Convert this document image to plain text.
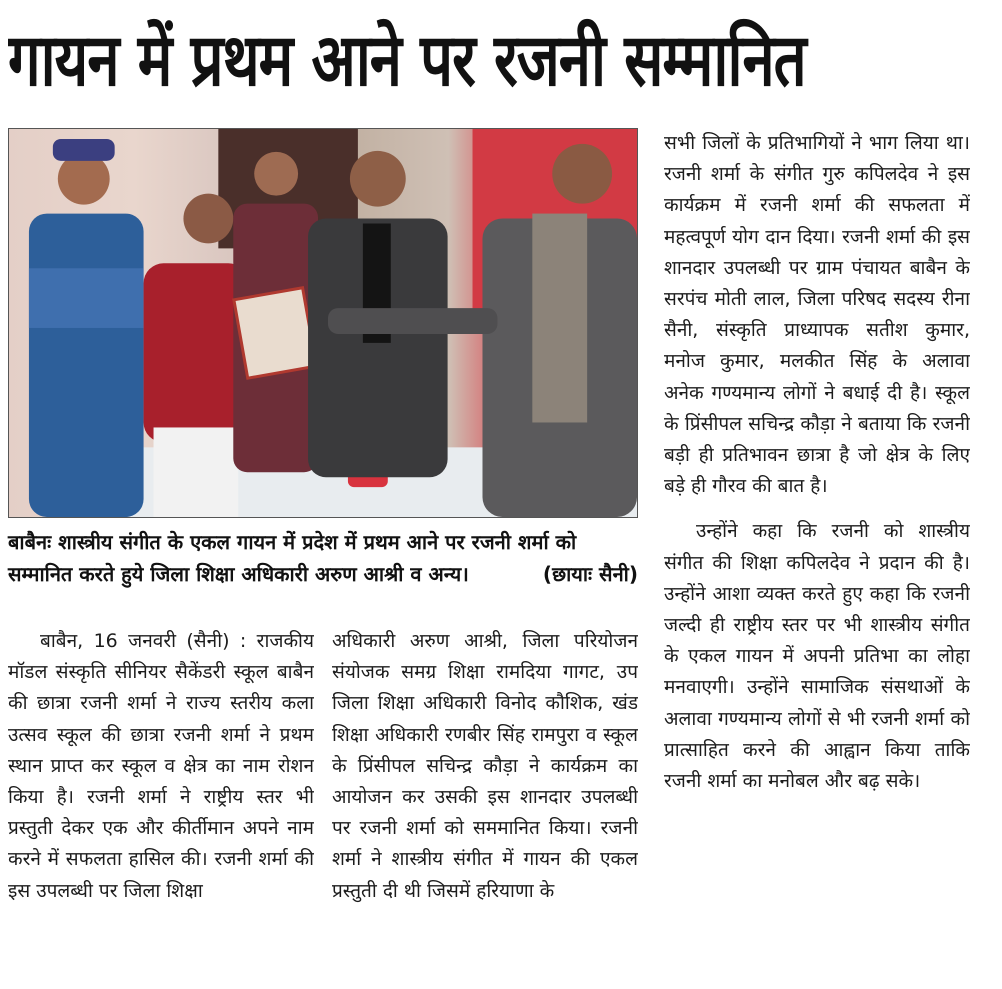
गायन में प्रथम आने पर रजनी सम्मानित
बाबैनः शास्त्रीय संगीत के एकल गायन में प्रदेश में प्रथम आने पर रजनी शर्मा को सम्मानित करते हुये जिला शिक्षा अधिकारी अरुण आश्री व अन्य।	(छायाः सैनी)

बाबैन, 16 जनवरी (सैनी) : राजकीय मॉडल संस्कृति सीनियर सैकेंडरी स्कूल बाबैन की छात्रा रजनी शर्मा ने राज्य स्तरीय कला उत्सव स्कूल की छात्रा रजनी शर्मा ने प्रथम स्थान प्राप्त कर स्कूल व क्षेत्र का नाम रोशन किया है। रजनी शर्मा ने राष्ट्रीय स्तर भी प्रस्तुती देकर एक और कीर्तीमान अपने नाम करने में सफलता हासिल की। रजनी शर्मा की इस उपलब्धी पर जिला शिक्षा

अधिकारी अरुण आश्री, जिला परियोजन संयोजक समग्र शिक्षा रामदिया गागट, उप जिला शिक्षा अधिकारी विनोद कौशिक, खंड शिक्षा अधिकारी रणबीर सिंह रामपुरा व स्कूल के प्रिंसीपल सचिन्द्र कौड़ा ने कार्यक्रम का आयोजन कर उसकी इस शानदार उपलब्धी पर रजनी शर्मा को सममानित किया। रजनी शर्मा ने शास्त्रीय संगीत में गायन की एकल प्रस्तुती दी थी जिसमें हरियाणा के

सभी जिलों के प्रतिभागियों ने भाग लिया था। रजनी शर्मा के संगीत गुरु कपिलदेव ने इस कार्यक्रम में रजनी शर्मा की सफलता में महत्वपूर्ण योग दान दिया। रजनी शर्मा की इस शानदार उपलब्धी पर ग्राम पंचायत बाबैन के सरपंच मोती लाल, जिला परिषद सदस्य रीना सैनी, संस्कृति प्राध्यापक सतीश कुमार, मनोज कुमार, मलकीत सिंह के अलावा अनेक गण्यमान्य लोगों ने बधाई दी है। स्कूल के प्रिंसीपल सचिन्द्र कौड़ा ने बताया कि रजनी बड़ी ही प्रतिभावन छात्रा है जो क्षेत्र के लिए बड़े ही गौरव की बात है।

उन्होंने कहा कि रजनी को शास्त्रीय संगीत की शिक्षा कपिलदेव ने प्रदान की है। उन्होंने आशा व्यक्त करते हुए कहा कि रजनी जल्दी ही राष्ट्रीय स्तर पर भी शास्त्रीय संगीत के एकल गायन में अपनी प्रतिभा का लोहा मनवाएगी। उन्होंने सामाजिक संसथाओं के अलावा गण्यमान्य लोगों से भी रजनी शर्मा को प्रात्साहित करने की आह्वान किया ताकि रजनी शर्मा का मनोबल और बढ़ सके।
